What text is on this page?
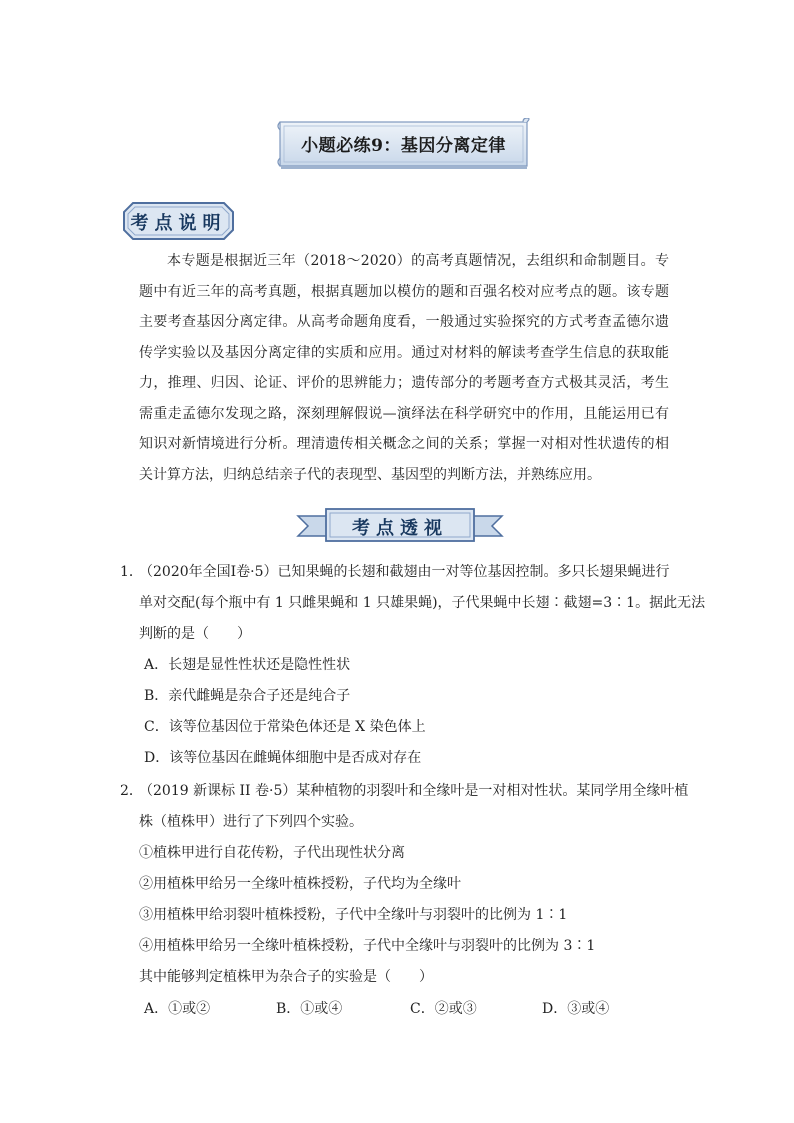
小题必练9：基因分离定律
考点说明

本专题是根据近三年（2018～2020）的高考真题情况，去组织和命制题目。专题中有近三年的高考真题，根据真题加以模仿的题和百强名校对应考点的题。该专题主要考查基因分离定律。从高考命题角度看，一般通过实验探究的方式考查孟德尔遗传学实验以及基因分离定律的实质和应用。通过对材料的解读考查学生信息的获取能力，推理、归因、论证、评价的思辨能力；遗传部分的考题考查方式极其灵活，考生需重走孟德尔发现之路，深刻理解假说—演绎法在科学研究中的作用，且能运用已有知识对新情境进行分析。理清遗传相关概念之间的关系；掌握一对相对性状遗传的相关计算方法，归纳总结亲子代的表现型、基因型的判断方法，并熟练应用。

考点透视
1．
（2020年全国Ⅰ卷·5）已知果蝇的长翅和截翅由一对等位基因控制。多只长翅果蝇进行
单对交配(每个瓶中有 1 只雌果蝇和 1 只雄果蝇)，子代果蝇中长翅∶截翅=3∶1。据此无法
判断的是（　　）
A．长翅是显性性状还是隐性性状
B．亲代雌蝇是杂合子还是纯合子
C．该等位基因位于常染色体还是 X 染色体上
D．该等位基因在雌蝇体细胞中是否成对存在
2．
（2019 新课标 II 卷·5）某种植物的羽裂叶和全缘叶是一对相对性状。某同学用全缘叶植
株（植株甲）进行了下列四个实验。
①植株甲进行自花传粉，子代出现性状分离
②用植株甲给另一全缘叶植株授粉，子代均为全缘叶
③用植株甲给羽裂叶植株授粉，子代中全缘叶与羽裂叶的比例为 1∶1
④用植株甲给另一全缘叶植株授粉，子代中全缘叶与羽裂叶的比例为 3∶1
其中能够判定植株甲为杂合子的实验是（　　）
A．①或②	B．①或④	C．②或③	D．③或④
